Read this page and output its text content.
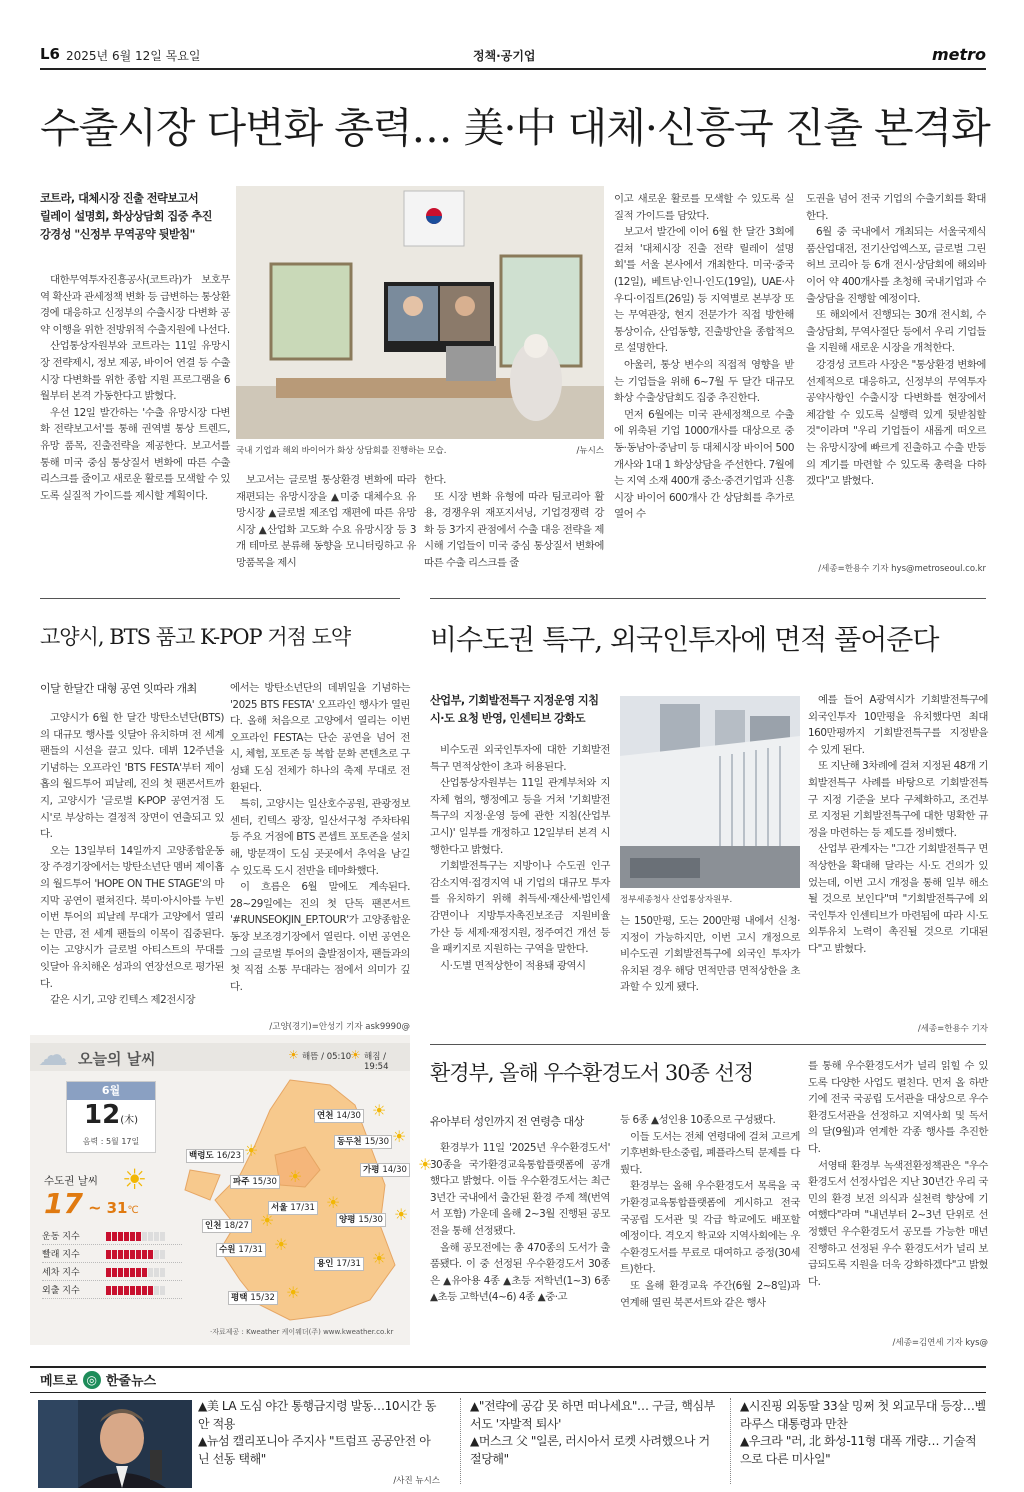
L6 2025년 6월 12일 목요일	정책·공기업	metro
수출시장 다변화 총력… 美·中 대체·신흥국 진출 본격화
코트라, 대체시장 진출 전략보고서
릴레이 설명회, 화상상담회 집중 추진
강경성 "신정부 무역공약 뒷받침"

대한무역투자진흥공사(코트라)가 보호무역 확산과 관세정책 변화 등 급변하는 통상환경에 대응하고 신정부의 수출시장 다변화 공약 이행을 위한 전방위적 수출지원에 나선다.

산업통상자원부와 코트라는 11일 유망시장 전략제시, 정보 제공, 바이어 연결 등 수출시장 다변화를 위한 종합 지원 프로그램을 6월부터 본격 가동한다고 밝혔다.

우선 12일 발간하는 '수출 유망시장 다변화 전략보고서'를 통해 권역별 통상 트렌드, 유망 품목, 진출전략을 제공한다. 보고서를 통해 미국 중심 통상질서 변화에 따른 수출 리스크를 줄이고 새로운 활로를 모색할 수 있도록 실질적 가이드를 제시할 계획이다.

국내 기업과 해외 바이어가 화상 상담회를 진행하는 모습.	/뉴시스

보고서는 글로벌 통상환경 변화에 따라 재편되는 유망시장을 ▲미중 대체수요 유망시장 ▲글로벌 제조업 재편에 따른 유망시장 ▲산업화 고도화 수요 유망시장 등 3개 테마로 분류해 동향을 모니터링하고 유망품목을 제시

한다.

또 시장 변화 유형에 따라 팀코리아 활용, 경쟁우위 재포지셔닝, 기업경쟁력 강화 등 3가지 관점에서 수출 대응 전략을 제시해 기업들이 미국 중심 통상질서 변화에 따른 수출 리스크를 줄

이고 새로운 활로를 모색할 수 있도록 실질적 가이드를 담았다.

보고서 발간에 이어 6월 한 달간 3회에 걸쳐 '대체시장 진출 전략 릴레이 설명회'를 서울 본사에서 개최한다. 미국·중국(12일), 베트남·인니·인도(19일), UAE·사우디·이집트(26일) 등 지역별로 본부장 또는 무역관장, 현지 전문가가 직접 방한해 통상이슈, 산업동향, 진출방안을 종합적으로 설명한다.

아울러, 통상 변수의 직접적 영향을 받는 기업들을 위해 6~7월 두 달간 대규모 화상 수출상담회도 집중 추진한다.

먼저 6월에는 미국 관세정책으로 수출에 위축된 기업 1000개사를 대상으로 중동·동남아·중남미 등 대체시장 바이어 500개사와 1대 1 화상상담을 주선한다. 7월에는 지역 소재 400개 중소·중견기업과 신흥시장 바이어 600개사 간 상담회를 추가로 열어 수

도권을 넘어 전국 기업의 수출기회를 확대한다.

6월 중 국내에서 개최되는 서울국제식품산업대전, 전기산업엑스포, 글로벌 그린허브 코리아 등 6개 전시·상담회에 해외바이어 약 400개사를 초청해 국내기업과 수출상담을 진행할 예정이다.

또 해외에서 진행되는 30개 전시회, 수출상담회, 무역사절단 등에서 우리 기업들을 지원해 새로운 시장을 개척한다.

강경성 코트라 사장은 "통상환경 변화에 선제적으로 대응하고, 신정부의 무역투자 공약사항인 수출시장 다변화를 현장에서 체감할 수 있도록 실행력 있게 뒷받침할 것"이라며 "우리 기업들이 새롭게 떠오르는 유망시장에 빠르게 진출하고 수출 반등의 계기를 마련할 수 있도록 총력을 다하겠다"고 밝혔다.

/세종=한용수 기자 hys@metroseoul.co.kr
고양시, BTS 품고 K-POP 거점 도약
이달 한달간 대형 공연 잇따라 개최

고양시가 6월 한 달간 방탄소년단(BTS)의 대규모 행사를 잇달아 유치하며 전 세계 팬들의 시선을 끌고 있다. 데뷔 12주년을 기념하는 오프라인 'BTS FESTA'부터 제이홉의 월드투어 피날레, 진의 첫 팬콘서트까지, 고양시가 '글로벌 K-POP 공연거점 도시'로 부상하는 결정적 장면이 연출되고 있다.

오는 13일부터 14일까지 고양종합운동장 주경기장에서는 방탄소년단 멤버 제이홉의 월드투어 'HOPE ON THE STAGE'의 마지막 공연이 펼쳐진다. 북미·아시아를 누빈 이번 투어의 피날레 무대가 고양에서 열리는 만큼, 전 세계 팬들의 이목이 집중된다. 이는 고양시가 글로벌 아티스트의 무대를 잇달아 유치해온 성과의 연장선으로 평가된다.

같은 시기, 고양 킨텍스 제2전시장

에서는 방탄소년단의 데뷔일을 기념하는 '2025 BTS FESTA' 오프라인 행사가 열린다. 올해 처음으로 고양에서 열리는 이번 오프라인 FESTA는 단순 공연을 넘어 전시, 체험, 포토존 등 복합 문화 콘텐츠로 구성돼 도심 전체가 하나의 축제 무대로 전환된다.

특히, 고양시는 일산호수공원, 관광정보센터, 킨텍스 광장, 일산서구청 주차타워 등 주요 거점에 BTS 콘셉트 포토존을 설치해, 방문객이 도심 곳곳에서 추억을 남길 수 있도록 도시 전반을 테마화했다.

이 흐름은 6월 말에도 계속된다. 28~29일에는 진의 첫 단독 팬콘서트 '#RUNSEOKJIN_EP.TOUR'가 고양종합운동장 보조경기장에서 열린다. 이번 공연은 그의 글로벌 투어의 출발점이자, 팬들과의 첫 직접 소통 무대라는 점에서 의미가 깊다.

/고양(경기)=안성기 기자 ask9990@
비수도권 특구, 외국인투자에 면적 풀어준다
산업부, 기회발전특구 지정운영 지침
시·도 요청 반영, 인센티브 강화도

비수도권 외국인투자에 대한 기회발전특구 면적상한이 초과 허용된다.

산업통상자원부는 11일 관계부처와 지자체 협의, 행정예고 등을 거쳐 '기회발전특구의 지정·운영 등에 관한 지침(산업부 고시)' 일부를 개정하고 12일부터 본격 시행한다고 밝혔다.

기회발전특구는 지방이나 수도권 인구감소지역·접경지역 내 기업의 대규모 투자를 유치하기 위해 취득세·재산세·법인세 감면이나 지방투자촉진보조금 지원비율 가산 등 세제·재정지원, 정주여건 개선 등을 패키지로 지원하는 구역을 말한다.

시·도별 면적상한이 적용돼 광역시

정부세종청사 산업통상자원부.

는 150만평, 도는 200만평 내에서 신청·지정이 가능하지만, 이번 고시 개정으로 비수도권 기회발전특구에 외국인 투자가 유치된 경우 해당 면적만큼 면적상한을 초과할 수 있게 됐다.

예를 들어 A광역시가 기회발전특구에 외국인투자 10만평을 유치했다면 최대 160만평까지 기회발전특구를 지정받을 수 있게 된다.

또 지난해 3차례에 걸쳐 지정된 48개 기회발전특구 사례를 바탕으로 기회발전특구 지정 기준을 보다 구체화하고, 조건부로 지정된 기회발전특구에 대한 명확한 규정을 마련하는 등 제도를 정비했다.

산업부 관계자는 "그간 기회발전특구 면적상한을 확대해 달라는 시·도 건의가 있었는데, 이번 고시 개정을 통해 일부 해소될 것으로 보인다"며 "기회발전특구에 외국인투자 인센티브가 마련됨에 따라 시·도 외투유치 노력이 촉진될 것으로 기대된다"고 밝혔다.

/세종=한용수 기자
☁ 오늘의 날씨	☀ 해뜸 / 05:10
☀ 해짐 / 19:54
6월
12(木)
음력 : 5월 17일
수도권 날씨 ☀
17 ~ 31℃
운동 지수
빨래 지수
세차 지수
외출 지수
연천 14/30 ☀
동두천 15/30 ☀
백령도 16/23 ☀
가평 14/30 ☀
파주 15/30 ☀
서울 17/31 ☀
인천 18/27 ☀	양평 15/30 ☀
수원 17/31 ☀
용인 17/31 ☀
평택 15/32 ☀
·자료제공 : Kweather 케이웨더(주) www.kweather.co.kr
환경부, 올해 우수환경도서 30종 선정
유아부터 성인까지 전 연령층 대상

환경부가 11일 '2025년 우수환경도서' 30종을 국가환경교육통합플랫폼에 공개했다고 밝혔다. 이들 우수환경도서는 최근 3년간 국내에서 출간된 환경 주제 책(번역서 포함) 가운데 올해 2~3월 진행된 공모전을 통해 선정됐다.

올해 공모전에는 총 470종의 도서가 출품됐다. 이 중 선정된 우수환경도서 30종은 ▲유아용 4종 ▲초등 저학년(1~3) 6종 ▲초등 고학년(4~6) 4종 ▲중·고

등 6종 ▲성인용 10종으로 구성됐다.

이들 도서는 전체 연령대에 걸쳐 고르게 기후변화·탄소중립, 폐플라스틱 문제를 다뤘다.

환경부는 올해 우수환경도서 목록을 국가환경교육통합플랫폼에 게시하고 전국 국공립 도서관 및 각급 학교에도 배포할 예정이다. 격오지 학교와 지역사회에는 우수환경도서를 무료로 대여하고 증정(30세트)한다.

또 올해 환경교육 주간(6월 2~8일)과 연계해 열린 북콘서트와 같은 행사

를 통해 우수환경도서가 널리 읽힐 수 있도록 다양한 사업도 펼친다. 먼저 올 하반기에 전국 국공립 도서관을 대상으로 우수환경도서관을 선정하고 지역사회 및 독서의 달(9월)과 연계한 각종 행사를 추진한다.

서영태 환경부 녹색전환정책관은 "우수환경도서 선정사업은 지난 30년간 우리 국민의 환경 보전 의식과 실천력 향상에 기여했다"라며 "내년부터 2~3년 단위로 선정했던 우수환경도서 공모를 가능한 매년 진행하고 선정된 우수 환경도서가 널리 보급되도록 지원을 더욱 강화하겠다"고 밝혔다.

/세종=김연세 기자 kys@
메트로 ◎ 한줄뉴스
/사진 뉴시스
▲美 LA 도심 야간 통행금지령 발동…10시간 동안 적용
▲뉴섬 캘리포니아 주지사 "트럼프 공공안전 아닌 선동 택해"
▲"전략에 공감 못 하면 떠나세요"… 구글, 핵심부서도 '자발적 퇴사'
▲머스크 父 "일론, 러시아서 로켓 사려했으나 거절당해"
▲시진핑 외동딸 33살 밍쩌 첫 외교무대 등장…벨라루스 대통령과 만찬
▲우크라 "러, 北 화성-11형 대폭 개량… 기술적으로 다른 미사일"
